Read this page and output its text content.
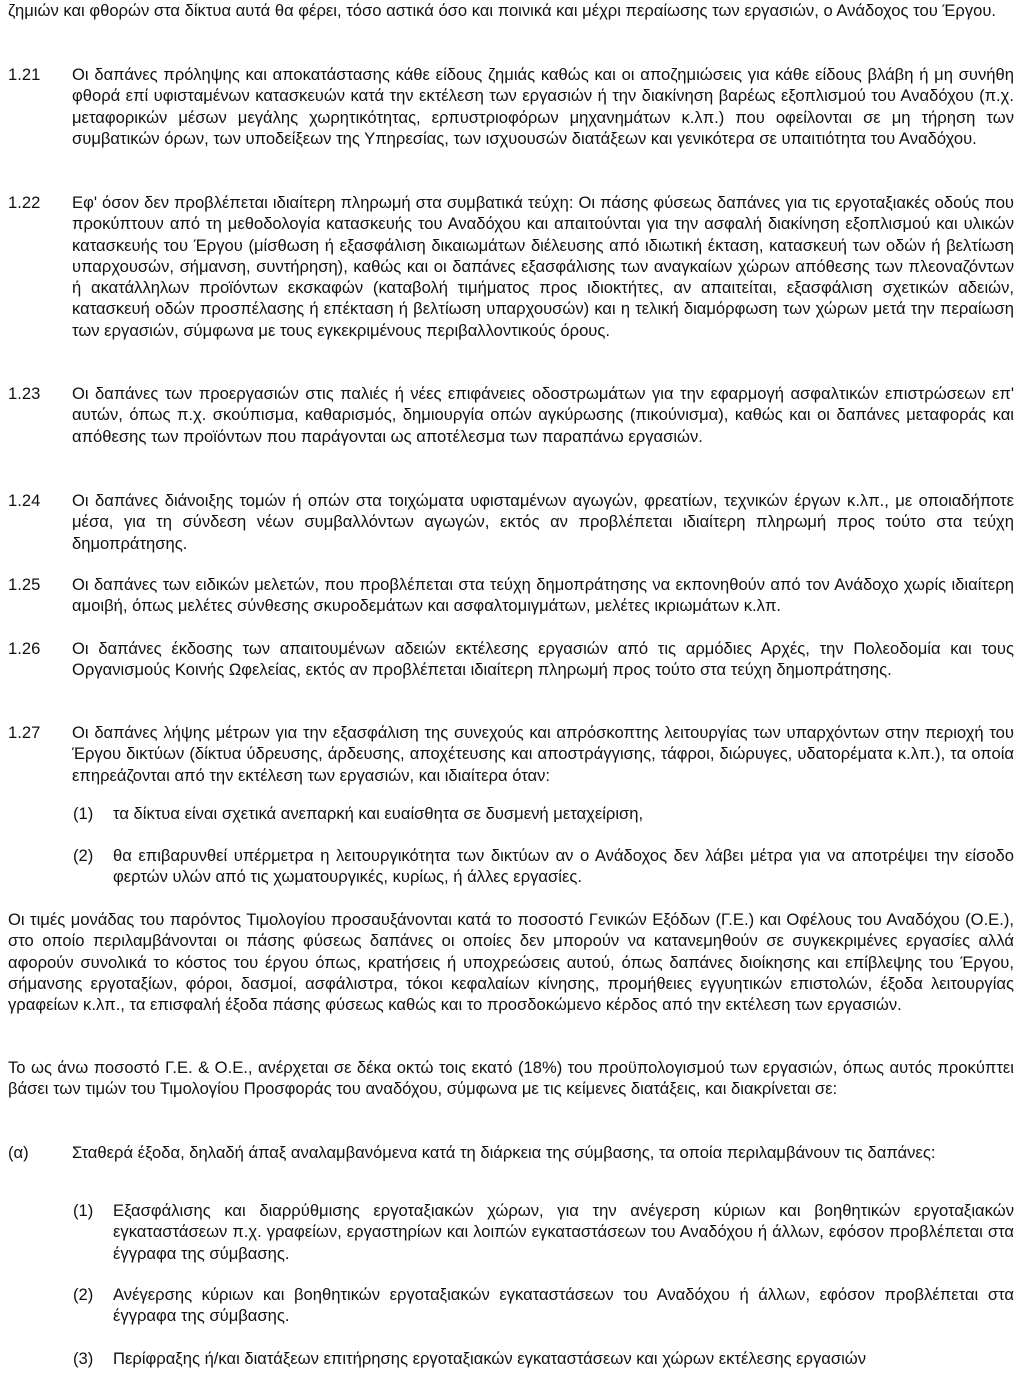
ζημιών και φθορών στα δίκτυα αυτά θα φέρει, τόσο αστικά όσο και ποινικά και μέχρι περαίωσης των εργασιών, ο Ανάδοχος του Έργου.
1.21 Οι δαπάνες πρόληψης και αποκατάστασης κάθε είδους ζημιάς καθώς και οι αποζημιώσεις για κάθε είδους βλάβη ή μη συνήθη φθορά επί υφισταμένων κατασκευών κατά την εκτέλεση των εργασιών ή την διακίνηση βαρέως εξοπλισμού του Αναδόχου (π.χ. μεταφορικών μέσων μεγάλης χωρητικότητας, ερπυστριοφόρων μηχανημάτων κ.λπ.) που οφείλονται σε μη τήρηση των συμβατικών όρων, των υποδείξεων της Υπηρεσίας, των ισχυουσών διατάξεων και γενικότερα σε υπαιτιότητα του Αναδόχου.
1.22 Εφ' όσον δεν προβλέπεται ιδιαίτερη πληρωμή στα συμβατικά τεύχη: Οι πάσης φύσεως δαπάνες για τις εργοταξιακές οδούς που προκύπτουν από τη μεθοδολογία κατασκευής του Αναδόχου και απαιτούνται για την ασφαλή διακίνηση εξοπλισμού και υλικών κατασκευής του Έργου (μίσθωση ή εξασφάλιση δικαιωμάτων διέλευσης από ιδιωτική έκταση, κατασκευή των οδών ή βελτίωση υπαρχουσών, σήμανση, συντήρηση), καθώς και οι δαπάνες εξασφάλισης των αναγκαίων χώρων απόθεσης των πλεοναζόντων ή ακατάλληλων προϊόντων εκσκαφών (καταβολή τιμήματος προς ιδιοκτήτες, αν απαιτείται, εξασφάλιση σχετικών αδειών, κατασκευή οδών προσπέλασης ή επέκταση ή βελτίωση υπαρχουσών) και η τελική διαμόρφωση των χώρων μετά την περαίωση των εργασιών, σύμφωνα με τους εγκεκριμένους περιβαλλοντικούς όρους.
1.23 Οι δαπάνες των προεργασιών στις παλιές ή νέες επιφάνειες οδοστρωμάτων για την εφαρμογή ασφαλτικών επιστρώσεων επ' αυτών, όπως π.χ. σκούπισμα, καθαρισμός, δημιουργία οπών αγκύρωσης (πικούνισμα), καθώς και οι δαπάνες μεταφοράς και απόθεσης των προϊόντων που παράγονται ως αποτέλεσμα των παραπάνω εργασιών.
1.24 Οι δαπάνες διάνοιξης τομών ή οπών στα τοιχώματα υφισταμένων αγωγών, φρεατίων, τεχνικών έργων κ.λπ., με οποιαδήποτε μέσα, για τη σύνδεση νέων συμβαλλόντων αγωγών, εκτός αν προβλέπεται ιδιαίτερη πληρωμή προς τούτο στα τεύχη δημοπράτησης.
1.25 Οι δαπάνες των ειδικών μελετών, που προβλέπεται στα τεύχη δημοπράτησης να εκπονηθούν από τον Ανάδοχο χωρίς ιδιαίτερη αμοιβή, όπως μελέτες σύνθεσης σκυροδεμάτων και ασφαλτομιγμάτων, μελέτες ικριωμάτων κ.λπ.
1.26 Οι δαπάνες έκδοσης των απαιτουμένων αδειών εκτέλεσης εργασιών από τις αρμόδιες Αρχές, την Πολεοδομία και τους Οργανισμούς Κοινής Ωφελείας, εκτός αν προβλέπεται ιδιαίτερη πληρωμή προς τούτο στα τεύχη δημοπράτησης.
1.27 Οι δαπάνες λήψης μέτρων για την εξασφάλιση της συνεχούς και απρόσκοπτης λειτουργίας των υπαρχόντων στην περιοχή του Έργου δικτύων (δίκτυα ύδρευσης, άρδευσης, αποχέτευσης και αποστράγγισης, τάφροι, διώρυγες, υδατορέματα κ.λπ.), τα οποία επηρεάζονται από την εκτέλεση των εργασιών, και ιδιαίτερα όταν:
(1) τα δίκτυα είναι σχετικά ανεπαρκή και ευαίσθητα σε δυσμενή μεταχείριση,
(2) θα επιβαρυνθεί υπέρμετρα η λειτουργικότητα των δικτύων αν ο Ανάδοχος δεν λάβει μέτρα για να αποτρέψει την είσοδο φερτών υλών από τις χωματουργικές, κυρίως, ή άλλες εργασίες.
Οι τιμές μονάδας του παρόντος Τιμολογίου προσαυξάνονται κατά το ποσοστό Γενικών Εξόδων (Γ.Ε.) και Οφέλους του Αναδόχου (Ο.Ε.), στο οποίο περιλαμβάνονται οι πάσης φύσεως δαπάνες οι οποίες δεν μπορούν να κατανεμηθούν σε συγκεκριμένες εργασίες αλλά αφορούν συνολικά το κόστος του έργου όπως, κρατήσεις ή υποχρεώσεις αυτού, όπως δαπάνες διοίκησης και επίβλεψης του Έργου, σήμανσης εργοταξίων, φόροι, δασμοί, ασφάλιστρα, τόκοι κεφαλαίων κίνησης, προμήθειες εγγυητικών επιστολών, έξοδα λειτουργίας γραφείων κ.λπ., τα επισφαλή έξοδα πάσης φύσεως καθώς και το προσδοκώμενο κέρδος από την εκτέλεση των εργασιών.
Το ως άνω ποσοστό Γ.Ε. & Ο.Ε., ανέρχεται σε δέκα οκτώ τοις εκατό (18%) του προϋπολογισμού των εργασιών, όπως αυτός προκύπτει βάσει των τιμών του Τιμολογίου Προσφοράς του αναδόχου, σύμφωνα με τις κείμενες διατάξεις, και διακρίνεται σε:
(α)	Σταθερά έξοδα, δηλαδή άπαξ αναλαμβανόμενα κατά τη διάρκεια της σύμβασης, τα οποία περιλαμβάνουν τις δαπάνες:
(1) Εξασφάλισης και διαρρύθμισης εργοταξιακών χώρων, για την ανέγερση κύριων και βοηθητικών εργοταξιακών εγκαταστάσεων π.χ. γραφείων, εργαστηρίων και λοιπών εγκαταστάσεων του Αναδόχου ή άλλων, εφόσον προβλέπεται στα έγγραφα της σύμβασης.
(2) Ανέγερσης κύριων και βοηθητικών εργοταξιακών εγκαταστάσεων του Αναδόχου ή άλλων, εφόσον προβλέπεται στα έγγραφα της σύμβασης.
(3) Περίφραξης ή/και διατάξεων επιτήρησης εργοταξιακών εγκαταστάσεων και χώρων εκτέλεσης εργασιών
